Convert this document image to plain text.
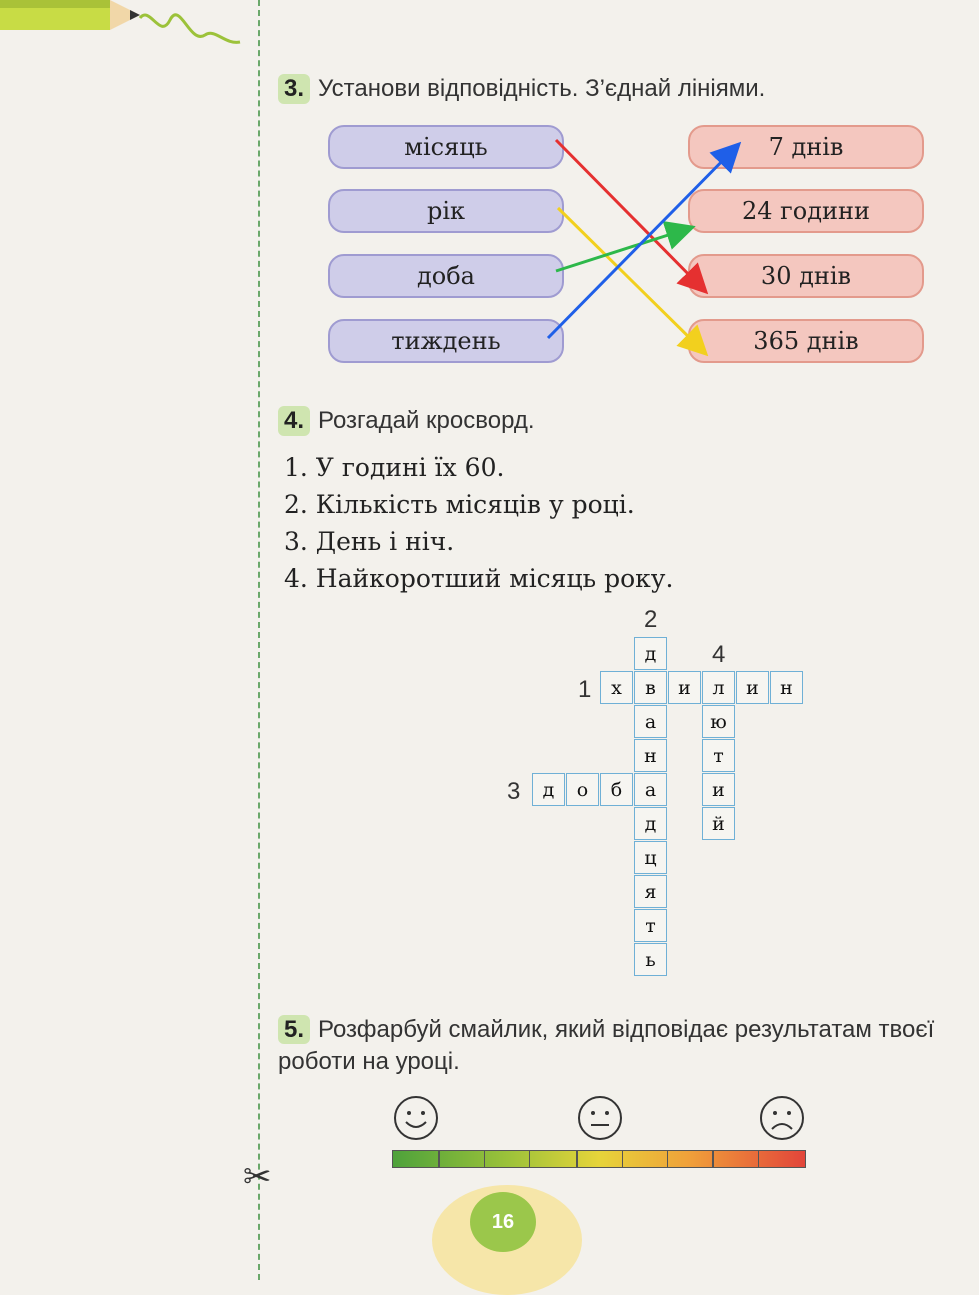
✂
3. Установи відповідність. З’єднай лініями.
місяць
рік
доба
тиждень
7 днів
24 години
30 днів
365 днів
4. Розгадай кросворд.
1. У годині їх 60.
2. Кількість місяців у році.
3. День і ніч.
4. Найкоротший місяць року.
2
4
1
3
д
в
а
н
а
д
ц
я
т
ь
х	и	л	и	н
ю
т
и
й
д	о	б
5. Розфарбуй смайлик, який відповідає результатам твоєї роботи на уроці.
16
